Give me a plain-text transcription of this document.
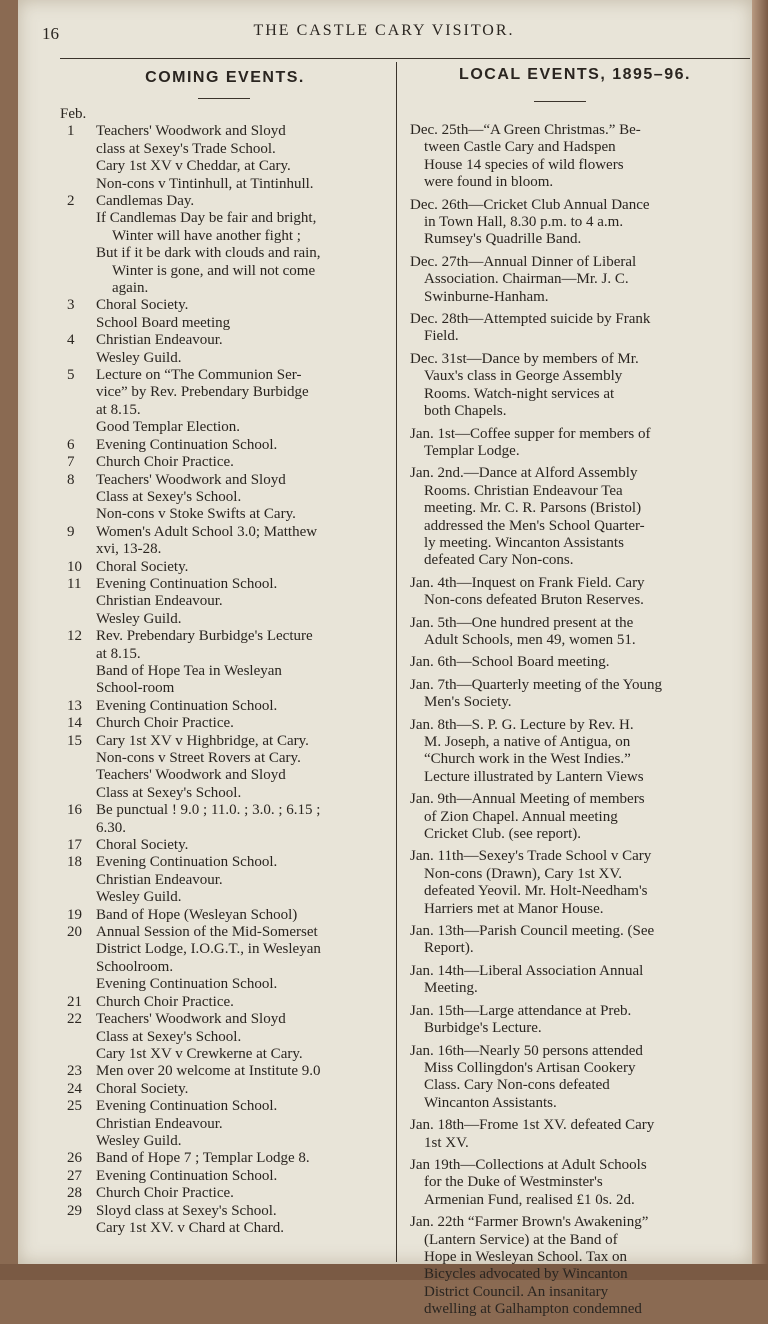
16	THE CASTLE CARY VISITOR.
COMING EVENTS.	LOCAL EVENTS, 1895–96.
Feb.
1	Teachers' Woodwork and Sloyd
class at Sexey's Trade School.
Cary 1st XV v Cheddar, at Cary.
Non-cons v Tintinhull, at Tintinhull.
2	Candlemas Day.
If Candlemas Day be fair and bright,
Winter will have another fight ;
But if it be dark with clouds and rain,
Winter is gone, and will not come
again.
3	Choral Society.
School Board meeting
4	Christian Endeavour.
Wesley Guild.
5	Lecture on “The Communion Ser-
vice” by Rev. Prebendary Burbidge
at 8.15.
Good Templar Election.
6	Evening Continuation School.
7	Church Choir Practice.
8	Teachers' Woodwork and Sloyd
Class at Sexey's School.
Non-cons v Stoke Swifts at Cary.
9	Women's Adult School 3.0; Matthew
xvi, 13-28.
10 Choral Society.
11 Evening Continuation School.
Christian Endeavour.
Wesley Guild.
12 Rev. Prebendary Burbidge's Lecture
at 8.15.
Band of Hope Tea in Wesleyan
School-room
13 Evening Continuation School.
14 Church Choir Practice.
15 Cary 1st XV v Highbridge, at Cary.
Non-cons v Street Rovers at Cary.
Teachers' Woodwork and Sloyd
Class at Sexey's School.
16 Be punctual ! 9.0 ; 11.0. ; 3.0. ; 6.15 ;
6.30.
17 Choral Society.
18 Evening Continuation School.
Christian Endeavour.
Wesley Guild.
19 Band of Hope (Wesleyan School)
20 Annual Session of the Mid-Somerset
District Lodge, I.O.G.T., in Wesleyan
Schoolroom.
Evening Continuation School.
21 Church Choir Practice.
22 Teachers' Woodwork and Sloyd
Class at Sexey's School.
Cary 1st XV v Crewkerne at Cary.
23 Men over 20 welcome at Institute 9.0
24 Choral Society.
25 Evening Continuation School.
Christian Endeavour.
Wesley Guild.
26 Band of Hope 7 ; Templar Lodge 8.
27 Evening Continuation School.
28 Church Choir Practice.
29 Sloyd class at Sexey's School.
Cary 1st XV. v Chard at Chard.
Dec. 25th—“A Green Christmas.” Be-
tween Castle Cary and Hadspen
House 14 species of wild flowers
were found in bloom.
Dec. 26th—Cricket Club Annual Dance
in Town Hall, 8.30 p.m. to 4 a.m.
Rumsey's Quadrille Band.
Dec. 27th—Annual Dinner of Liberal
Association. Chairman—Mr. J. C.
Swinburne-Hanham.
Dec. 28th—Attempted suicide by Frank
Field.
Dec. 31st—Dance by members of Mr.
Vaux's class in George Assembly
Rooms. Watch-night services at
both Chapels.
Jan. 1st—Coffee supper for members of
Templar Lodge.
Jan. 2nd.—Dance at Alford Assembly
Rooms. Christian Endeavour Tea
meeting. Mr. C. R. Parsons (Bristol)
addressed the Men's School Quarter-
ly meeting. Wincanton Assistants
defeated Cary Non-cons.
Jan. 4th—Inquest on Frank Field. Cary
Non-cons defeated Bruton Reserves.
Jan. 5th—One hundred present at the
Adult Schools, men 49, women 51.
Jan. 6th—School Board meeting.
Jan. 7th—Quarterly meeting of the Young
Men's Society.
Jan. 8th—S. P. G. Lecture by Rev. H.
M. Joseph, a native of Antigua, on
“Church work in the West Indies.”
Lecture illustrated by Lantern Views
Jan. 9th—Annual Meeting of members
of Zion Chapel. Annual meeting
Cricket Club. (see report).
Jan. 11th—Sexey's Trade School v Cary
Non-cons (Drawn), Cary 1st XV.
defeated Yeovil. Mr. Holt-Needham's
Harriers met at Manor House.
Jan. 13th—Parish Council meeting. (See
Report).
Jan. 14th—Liberal Association Annual
Meeting.
Jan. 15th—Large attendance at Preb.
Burbidge's Lecture.
Jan. 16th—Nearly 50 persons attended
Miss Collingdon's Artisan Cookery
Class. Cary Non-cons defeated
Wincanton Assistants.
Jan. 18th—Frome 1st XV. defeated Cary
1st XV.
Jan 19th—Collections at Adult Schools
for the Duke of Westminster's
Armenian Fund, realised £1 0s. 2d.
Jan. 22th “Farmer Brown's Awakening”
(Lantern Service) at the Band of
Hope in Wesleyan School. Tax on
Bicycles advocated by Wincanton
District Council. An insanitary
dwelling at Galhampton condemned
